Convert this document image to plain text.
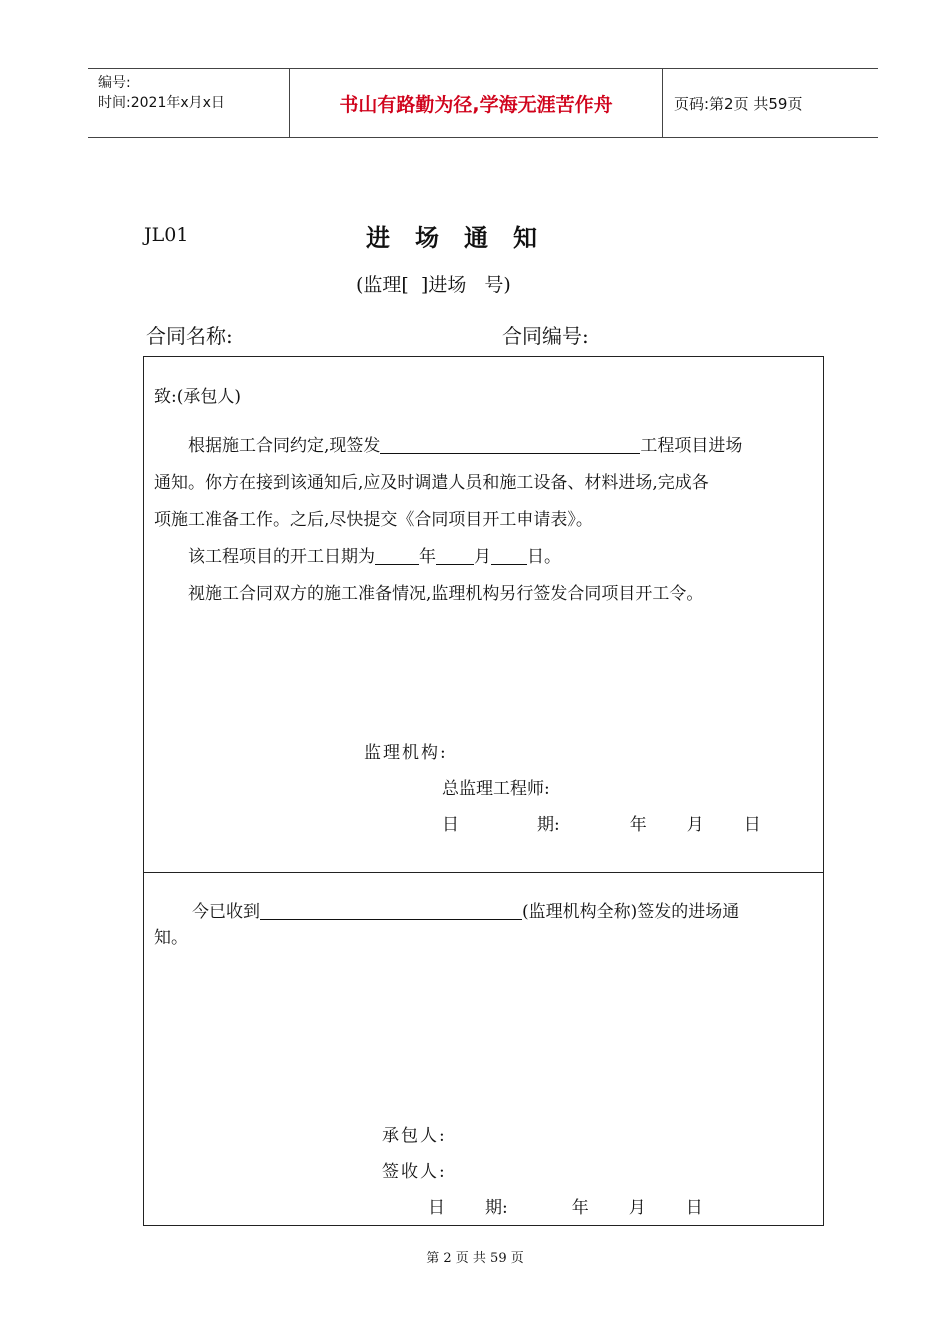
编号:
时间:2021年x月x日	书山有路勤为径,学海无涯苦作舟	页码:第2页 共59页
JL01	进场通知
(监理[  ]进场   号)
合同名称:	合同编号:
致:(承包人)
根据施工合同约定,现签发	工程项目进场
通知。你方在接到该通知后,应及时调遣人员和施工设备、材料进场,完成各
项施工准备工作。之后,尽快提交《合同项目开工申请表》。
该工程项目的开工日期为	年 月 日。
视施工合同双方的施工准备情况,监理机构另行签发合同项目开工令。
监理机构:
总监理工程师:
日	期:	年 月 日
今已收到	(监理机构全称)签发的进场通
知。
承包人:
签收人:
日 期:	年 月 日
第 2 页 共 59 页
